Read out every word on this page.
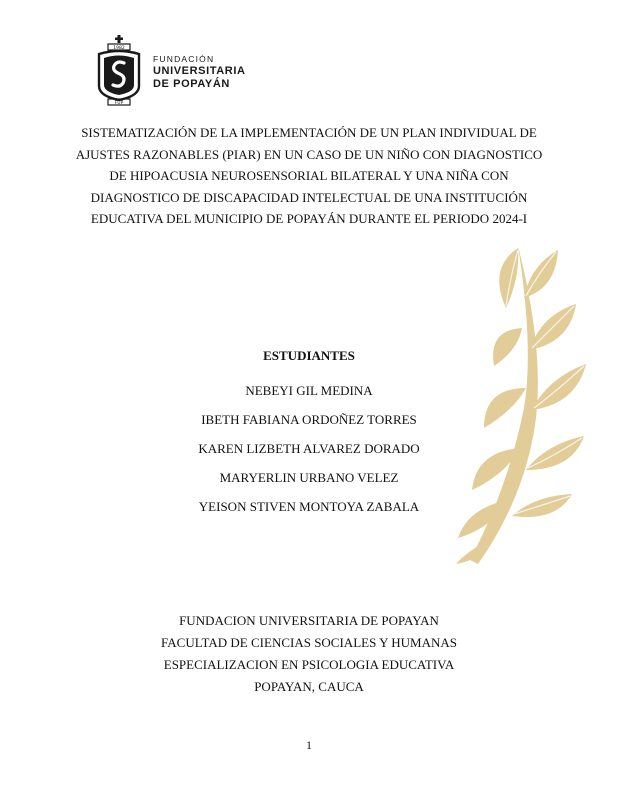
1982
FUP
FUNDACIÓN
UNIVERSITARIA
DE POPAYÁN
SISTEMATIZACIÓN DE LA IMPLEMENTACIÓN DE UN PLAN INDIVIDUAL DE
AJUSTES RAZONABLES (PIAR) EN UN CASO DE UN NIÑO CON DIAGNOSTICO
DE HIPOACUSIA NEUROSENSORIAL BILATERAL Y UNA NIÑA CON
DIAGNOSTICO DE DISCAPACIDAD INTELECTUAL DE UNA INSTITUCIÓN
EDUCATIVA DEL MUNICIPIO DE POPAYÁN DURANTE EL PERIODO 2024-I
ESTUDIANTES
NEBEYI GIL MEDINA
IBETH FABIANA ORDOÑEZ TORRES
KAREN LIZBETH ALVAREZ DORADO
MARYERLIN URBANO VELEZ
YEISON STIVEN MONTOYA ZABALA
FUNDACION UNIVERSITARIA DE POPAYAN
FACULTAD DE CIENCIAS SOCIALES Y HUMANAS
ESPECIALIZACION EN PSICOLOGIA EDUCATIVA
POPAYAN, CAUCA
1
